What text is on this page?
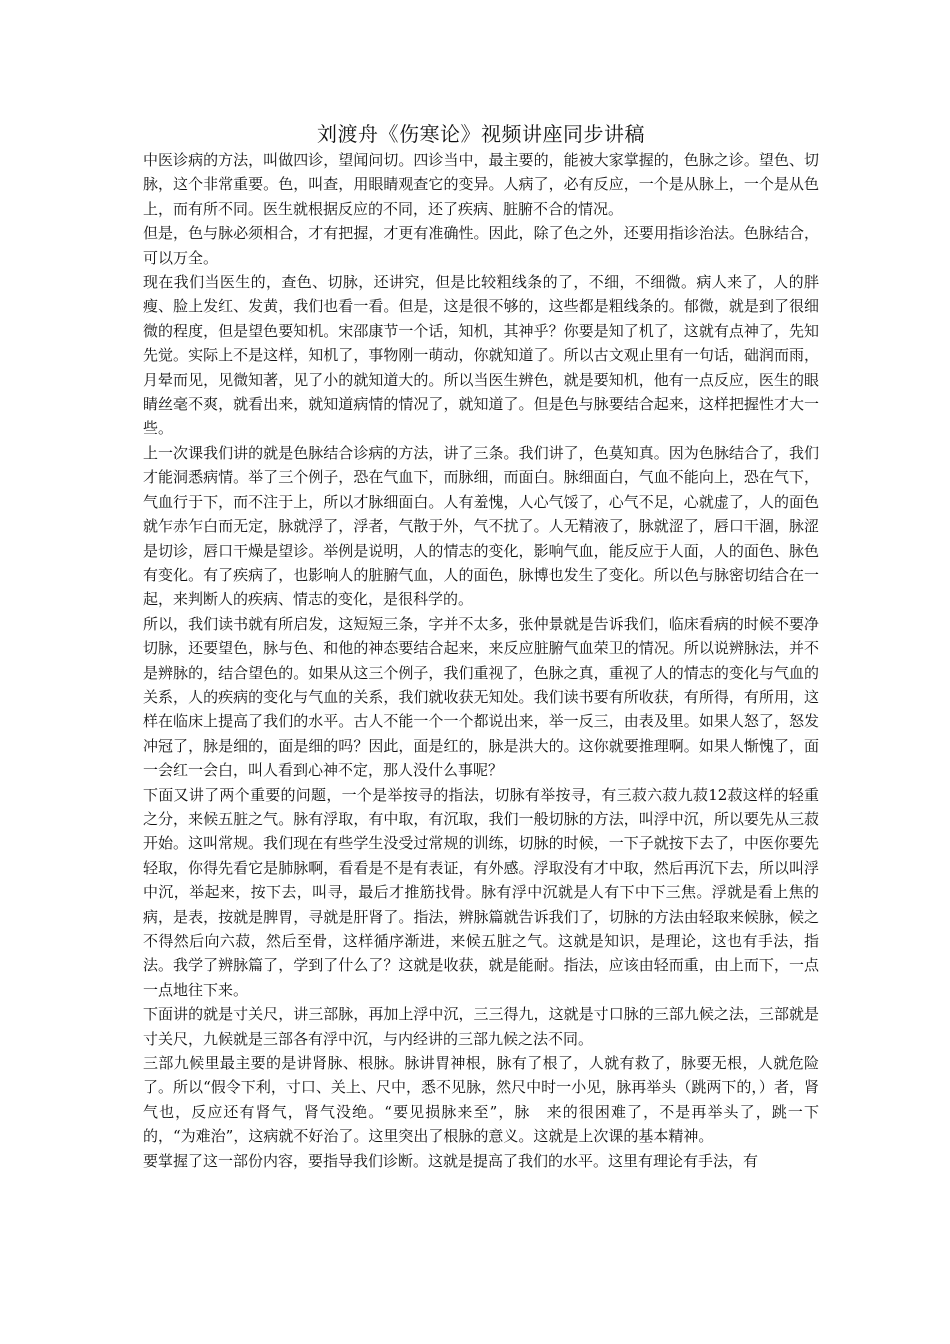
刘渡舟《伤寒论》视频讲座同步讲稿

中医诊病的方法，叫做四诊，望闻问切。四诊当中，最主要的，能被大家掌握的，色脉之诊。望色、切脉，这个非常重要。色，叫查，用眼睛观查它的变异。人病了，必有反应，一个是从脉上，一个是从色上，而有所不同。医生就根据反应的不同，还了疾病、脏腑不合的情况。

但是，色与脉必须相合，才有把握，才更有准确性。因此，除了色之外，还要用指诊治法。色脉结合，可以万全。

现在我们当医生的，查色、切脉，还讲究，但是比较粗线条的了，不细，不细微。病人来了，人的胖瘦、脸上发红、发黄，我们也看一看。但是，这是很不够的，这些都是粗线条的。郁微，就是到了很细微的程度，但是望色要知机。宋邵康节一个话，知机，其神乎？你要是知了机了，这就有点神了，先知先觉。实际上不是这样，知机了，事物刚一萌动，你就知道了。所以古文观止里有一句话，础润而雨，月晕而见，见微知著，见了小的就知道大的。所以当医生辨色，就是要知机，他有一点反应，医生的眼睛丝毫不爽，就看出来，就知道病情的情况了，就知道了。但是色与脉要结合起来，这样把握性才大一些。

上一次课我们讲的就是色脉结合诊病的方法，讲了三条。我们讲了，色莫知真。因为色脉结合了，我们才能洞悉病情。举了三个例子，恐在气血下，而脉细，而面白。脉细面白，气血不能向上，恐在气下，气血行于下，而不注于上，所以才脉细面白。人有羞愧，人心气馁了，心气不足，心就虚了，人的面色就乍赤乍白而无定，脉就浮了，浮者，气散于外，气不扰了。人无精液了，脉就涩了，唇口干涸，脉涩是切诊，唇口干燥是望诊。举例是说明，人的情志的变化，影响气血，能反应于人面，人的面色、脉色有变化。有了疾病了，也影响人的脏腑气血，人的面色，脉博也发生了变化。所以色与脉密切结合在一起，来判断人的疾病、情志的变化，是很科学的。

所以，我们读书就有所启发，这短短三条，字并不太多，张仲景就是告诉我们，临床看病的时候不要净切脉，还要望色，脉与色、和他的神态要结合起来，来反应脏腑气血荣卫的情况。所以说辨脉法，并不是辨脉的，结合望色的。如果从这三个例子，我们重视了，色脉之真，重视了人的情志的变化与气血的关系，人的疾病的变化与气血的关系，我们就收获无知处。我们读书要有所收获，有所得，有所用，这样在临床上提高了我们的水平。古人不能一个一个都说出来，举一反三，由表及里。如果人怒了，怒发冲冠了，脉是细的，面是细的吗？因此，面是红的，脉是洪大的。这你就要推理啊。如果人惭愧了，面一会红一会白，叫人看到心神不定，那人没什么事呢？

下面又讲了两个重要的问题，一个是举按寻的指法，切脉有举按寻，有三菽六菽九菽12菽这样的轻重之分，来候五脏之气。脉有浮取，有中取，有沉取，我们一般切脉的方法，叫浮中沉，所以要先从三菽开始。这叫常规。我们现在有些学生没受过常规的训练，切脉的时候，一下子就按下去了，中医你要先轻取，你得先看它是肺脉啊，看看是不是有表证，有外感。浮取没有才中取，然后再沉下去，所以叫浮中沉，举起来，按下去，叫寻，最后才推筋找骨。脉有浮中沉就是人有下中下三焦。浮就是看上焦的病，是表，按就是脾胃，寻就是肝肾了。指法，辨脉篇就告诉我们了，切脉的方法由轻取来候脉，候之不得然后向六菽，然后至骨，这样循序渐进，来候五脏之气。这就是知识，是理论，这也有手法，指法。我学了辨脉篇了，学到了什么了？这就是收获，就是能耐。指法，应该由轻而重，由上而下，一点一点地往下来。

下面讲的就是寸关尺，讲三部脉，再加上浮中沉，三三得九，这就是寸口脉的三部九候之法，三部就是寸关尺，九候就是三部各有浮中沉，与内经讲的三部九候之法不同。

三部九候里最主要的是讲肾脉、根脉。脉讲胃神根，脉有了根了，人就有救了，脉要无根，人就危险了。所以“假令下利，寸口、关上、尺中，悉不见脉，然尺中时一小见，脉再举头（跳两下的，）者，肾气也，反应还有肾气，肾气没绝。“要见损脉来至”，脉　来的很困难了，不是再举头了，跳一下的，“为难治”，这病就不好治了。这里突出了根脉的意义。这就是上次课的基本精神。

要掌握了这一部份内容，要指导我们诊断。这就是提高了我们的水平。这里有理论有手法，有
